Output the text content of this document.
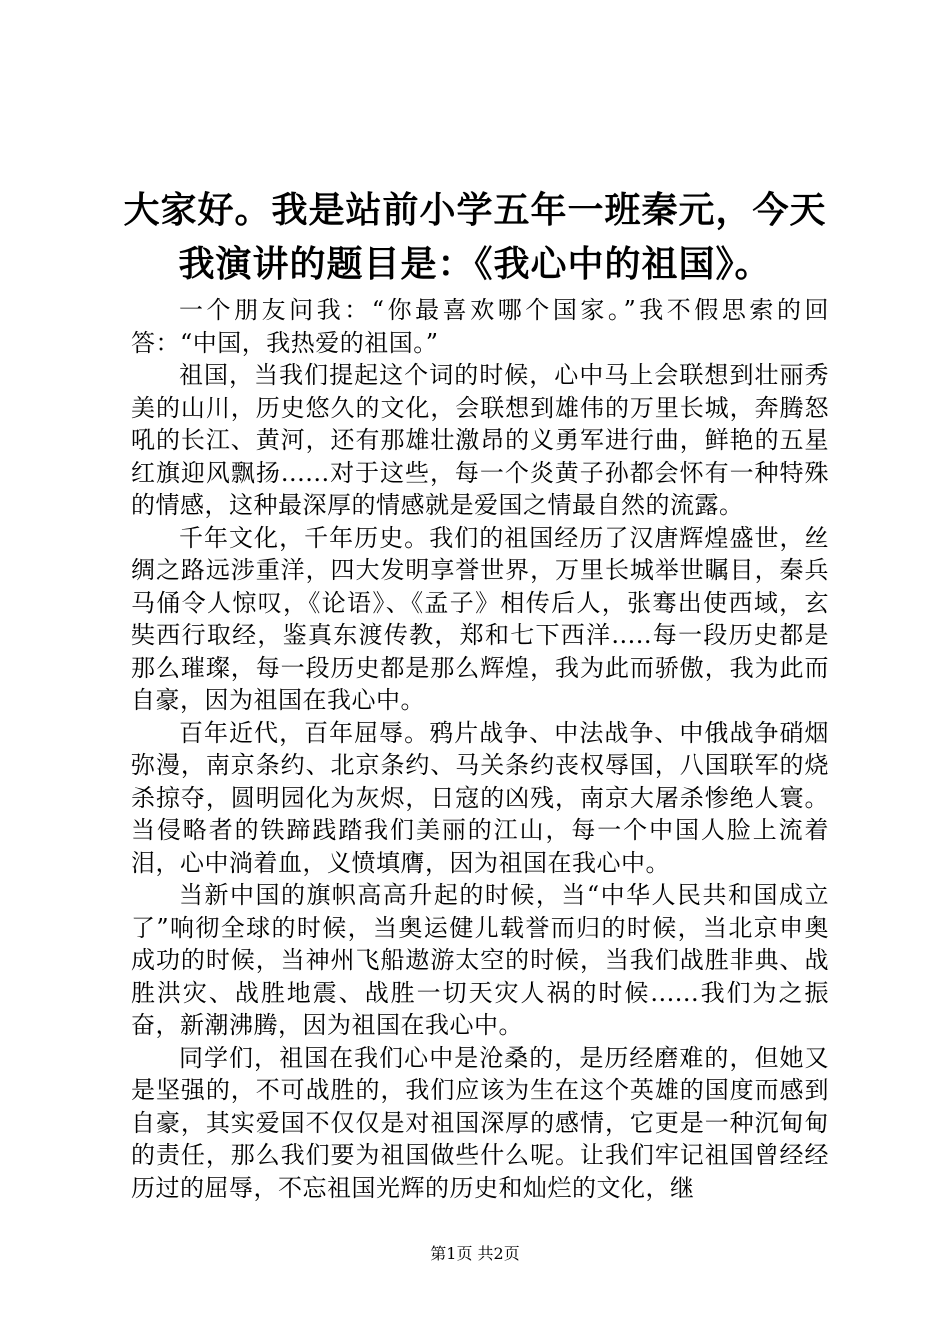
大家好。我是站前小学五年一班秦元，今天我演讲的题目是：《我心中的祖国》。

一个朋友问我：“你最喜欢哪个国家。”我不假思索的回答：“中国，我热爱的祖国。”

祖国，当我们提起这个词的时候，心中马上会联想到壮丽秀美的山川，历史悠久的文化，会联想到雄伟的万里长城，奔腾怒吼的长江、黄河，还有那雄壮激昂的义勇军进行曲，鲜艳的五星红旗迎风飘扬......对于这些，每一个炎黄子孙都会怀有一种特殊的情感，这种最深厚的情感就是爱国之情最自然的流露。

千年文化，千年历史。我们的祖国经历了汉唐辉煌盛世，丝绸之路远涉重洋，四大发明享誉世界，万里长城举世瞩目，秦兵马俑令人惊叹，《论语》、《孟子》相传后人，张骞出使西域，玄奘西行取经，鉴真东渡传教，郑和七下西洋.....每一段历史都是那么璀璨，每一段历史都是那么辉煌，我为此而骄傲，我为此而自豪，因为祖国在我心中。

百年近代，百年屈辱。鸦片战争、中法战争、中俄战争硝烟弥漫，南京条约、北京条约、马关条约丧权辱国，八国联军的烧杀掠夺，圆明园化为灰烬，日寇的凶残，南京大屠杀惨绝人寰。当侵略者的铁蹄践踏我们美丽的江山，每一个中国人脸上流着泪，心中淌着血，义愤填膺，因为祖国在我心中。

当新中国的旗帜高高升起的时候，当“中华人民共和国成立了”响彻全球的时候，当奥运健儿载誉而归的时候，当北京申奥成功的时候，当神州飞船遨游太空的时候，当我们战胜非典、战胜洪灾、战胜地震、战胜一切天灾人祸的时候......我们为之振奋，新潮沸腾，因为祖国在我心中。

同学们，祖国在我们心中是沧桑的，是历经磨难的，但她又是坚强的，不可战胜的，我们应该为生在这个英雄的国度而感到自豪，其实爱国不仅仅是对祖国深厚的感情，它更是一种沉甸甸的责任，那么我们要为祖国做些什么呢。让我们牢记祖国曾经经历过的屈辱，不忘祖国光辉的历史和灿烂的文化，继

第1页 共2页
